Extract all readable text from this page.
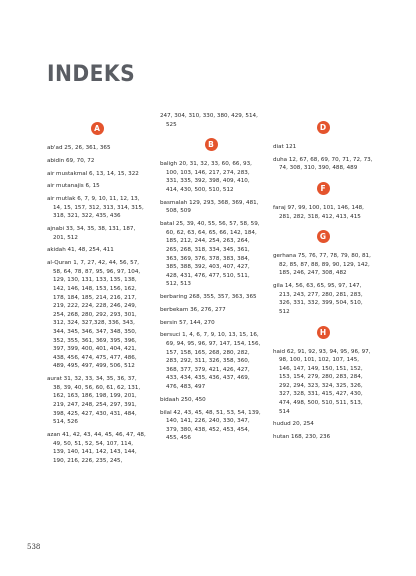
INDEKS
A
ab'ad 25, 26, 361, 365
abidin 69, 70, 72
air mustakmal 6, 13, 14, 15, 322
air mutanajis 6, 15
air mutlak 6, 7, 9, 10, 11, 12, 13, 14, 15, 157, 312, 313, 314, 315, 318, 321, 322, 435, 436
ajnabi 33, 34, 35, 38, 131, 187, 201, 512
akidah 41, 48, 254, 411
al-Quran 1, 7, 27, 42, 44, 56, 57, 58, 64, 78, 87, 95, 96, 97, 104, 129, 130, 131, 133, 135, 138, 142, 146, 148, 153, 156, 162, 178, 184, 185, 214, 216, 217, 219, 222, 224, 228, 246, 249, 254, 268, 280, 292, 293, 301, 312, 324, 327,328, 336, 343, 344, 345, 346, 347, 348, 350, 352, 355, 361, 369, 395, 396, 397, 399, 400, 401, 404, 421, 438, 456, 474, 475, 477, 486, 489, 495, 497, 499, 506, 512
aurat 31, 32, 33, 34, 35, 36, 37, 38, 39, 40, 56, 60, 61, 62, 131, 162, 163, 186, 198, 199, 201, 219, 247, 248, 254, 297, 391, 398, 425, 427, 430, 431, 484, 514, 526
azan 41, 42, 43, 44, 45, 46, 47, 48, 49, 50, 51, 52, 54, 107, 114, 139, 140, 141, 142, 143, 144, 190, 216, 226, 235, 245,
247, 304, 310, 330, 380, 429, 514, 525
B
baligh 20, 31, 32, 33, 60, 66, 93, 100, 103, 146, 217, 274, 283, 331, 335, 392, 398, 409, 410, 414, 430, 500, 510, 512
basmalah 129, 293, 368, 369, 481, 508, 509
batal 25, 39, 40, 55, 56, 57, 58, 59, 60, 62, 63, 64, 65, 66, 142, 184, 185, 212, 244, 254, 263, 264, 265, 268, 318, 334, 345, 361, 363, 369, 376, 378, 383, 384, 385, 388, 392, 403, 407, 427, 428, 431, 476, 477, 510, 511, 512, 513
berbaring 268, 355, 357, 363, 365
berbekam 36, 276, 277
bersin 57, 144, 270
bersuci 1, 4, 6, 7, 9, 10, 13, 15, 16, 69, 94, 95, 96, 97, 147, 154, 156, 157, 158, 165, 268, 280, 282, 283, 292, 311, 326, 358, 360, 368, 377, 379, 421, 426, 427, 433, 434, 435, 436, 437, 469, 476, 483, 497
bidaah 250, 450
bilal 42, 43, 45, 48, 51, 53, 54, 139, 140, 141, 226, 240, 330, 347, 379, 380, 438, 452, 453, 454, 455, 456
D
diat 121
duha 12, 67, 68, 69, 70, 71, 72, 73, 74, 308, 310, 390, 488, 489
F
faraj 97, 99, 100, 101, 146, 148, 281, 282, 318, 412, 413, 415
G
gerhana 75, 76, 77, 78, 79, 80, 81, 82, 85, 87, 88, 89, 90, 129, 142, 185, 246, 247, 308, 482
gila 14, 56, 63, 65, 95, 97, 147, 213, 243, 277, 280, 281, 283, 326, 331, 332, 399, 504, 510, 512
H
haid 62, 91, 92, 93, 94, 95, 96, 97, 98, 100, 101, 102, 107, 145, 146, 147, 149, 150, 151, 152, 153, 154, 279, 280, 283, 284, 292, 294, 323, 324, 325, 326, 327, 328, 331, 415, 427, 430, 474, 498, 500, 510, 511, 513, 514
hudud 20, 254
hutan 168, 230, 236
538
